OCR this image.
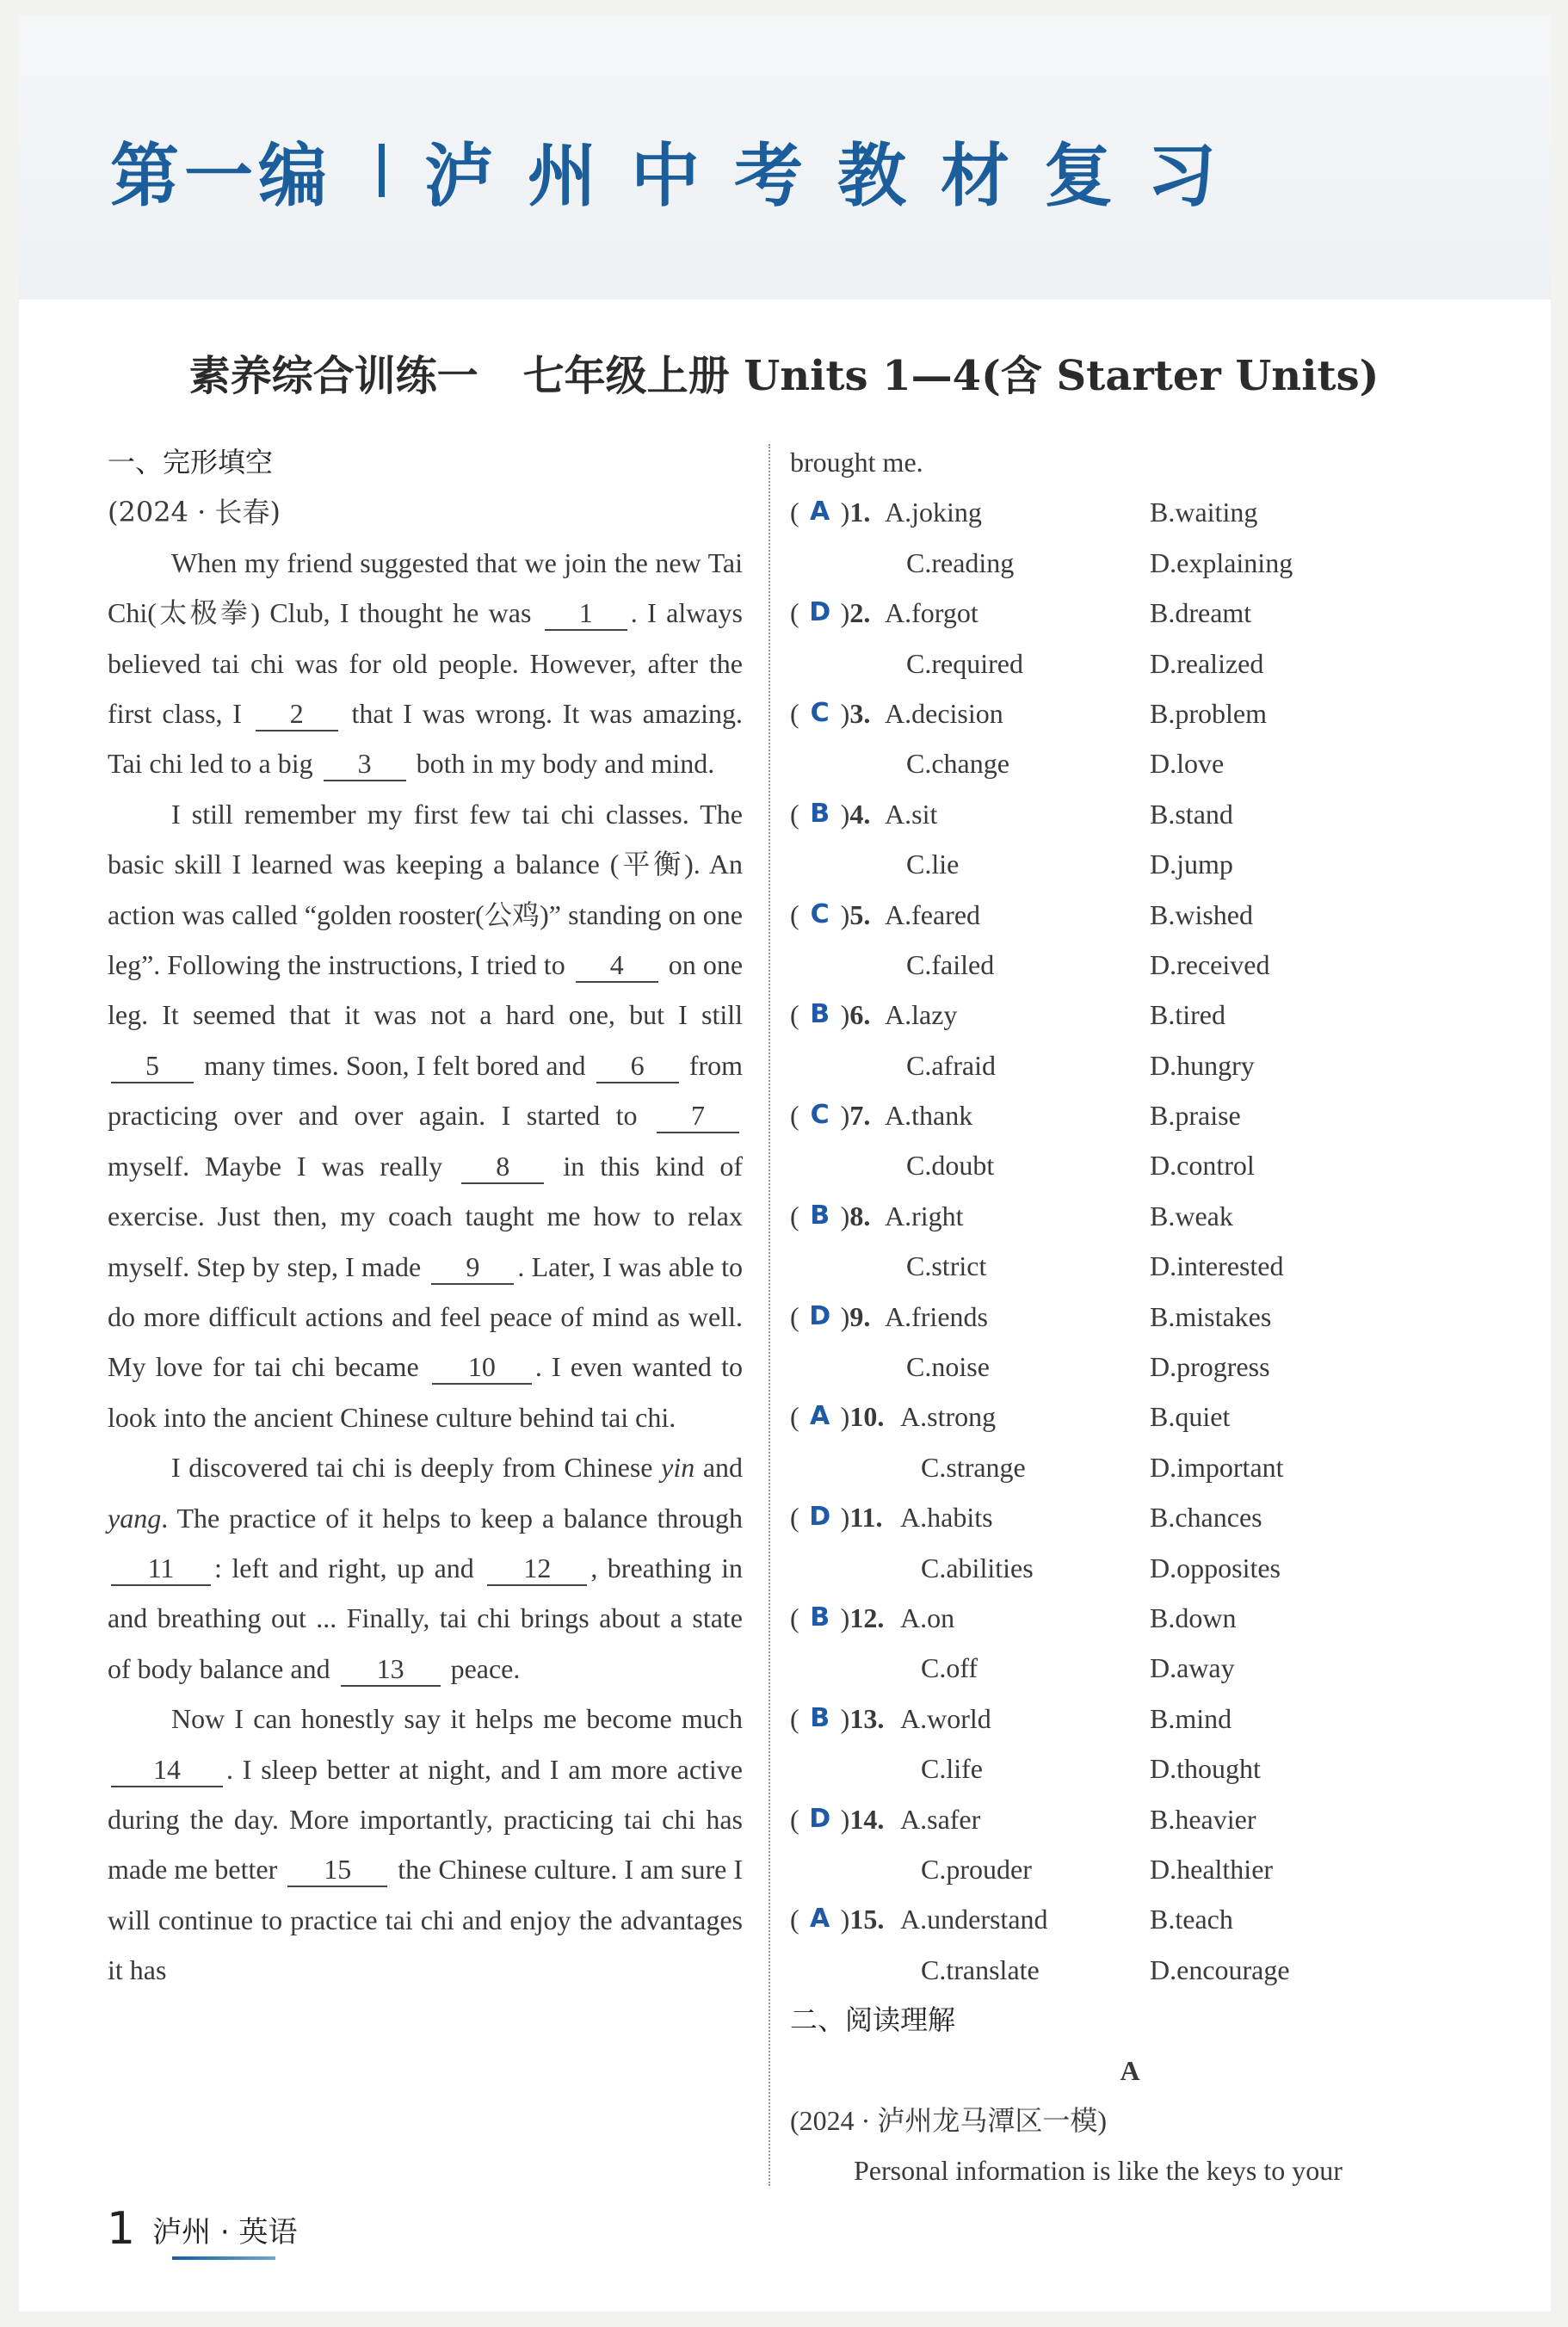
第一编 泸州中考教材复习
素养综合训练一 七年级上册 Units 1—4(含 Starter Units)
一、完形填空
(2024 · 长春)

When my friend suggested that we join the new Tai Chi(太极拳) Club, I thought he was 1 . I always believed tai chi was for old people. However, after the first class, I 2 that I was wrong. It was amazing. Tai chi led to a big 3 both in my body and mind.

I still remember my first few tai chi classes. The basic skill I learned was keeping a balance (平衡). An action was called “golden rooster(公鸡)” standing on one leg”. Following the instructions, I tried to 4 on one leg. It seemed that it was not a hard one, but I still 5 many times. Soon, I felt bored and 6 from practicing over and over again. I started to 7 myself. Maybe I was really 8 in this kind of exercise. Just then, my coach taught me how to relax myself. Step by step, I made 9 . Later, I was able to do more difficult actions and feel peace of mind as well. My love for tai chi became 10 . I even wanted to look into the ancient Chinese culture behind tai chi.

I discovered tai chi is deeply from Chinese yin and yang. The practice of it helps to keep a balance through 11 : left and right, up and 12 , breathing in and breathing out ... Finally, tai chi brings about a state of body balance and 13 peace.

Now I can honestly say it helps me become much 14 . I sleep better at night, and I am more active during the day. More importantly, practicing tai chi has made me better 15 the Chinese culture. I am sure I will continue to practice tai chi and enjoy the advantages it has

brought me.
( A ) 1. A.joking	B.waiting
C.reading	D.explaining
( D ) 2. A.forgot	B.dreamt
C.required	D.realized
( C ) 3. A.decision	B.problem
C.change	D.love
( B ) 4. A.sit	B.stand
C.lie	D.jump
( C ) 5. A.feared	B.wished
C.failed	D.received
( B ) 6. A.lazy	B.tired
C.afraid	D.hungry
( C ) 7. A.thank	B.praise
C.doubt	D.control
( B ) 8. A.right	B.weak
C.strict	D.interested
( D ) 9. A.friends	B.mistakes
C.noise	D.progress
( A ) 10. A.strong	B.quiet
C.strange	D.important
( D ) 11. A.habits	B.chances
C.abilities	D.opposites
( B ) 12. A.on	B.down
C.off	D.away
( B ) 13. A.world	B.mind
C.life	D.thought
( D ) 14. A.safer	B.heavier
C.prouder	D.healthier
( A ) 15. A.understand	B.teach
C.translate	D.encourage
二、阅读理解
A
(2024 · 泸州龙马潭区一模)
Personal information is like the keys to your
1 泸州 · 英语
